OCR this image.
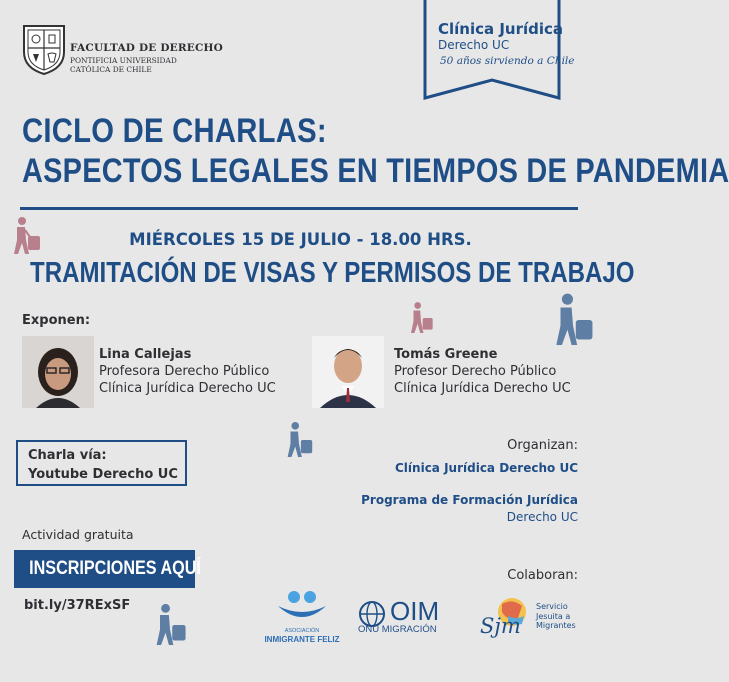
FACULTAD DE DERECHO
PONTIFICIA UNIVERSIDAD
CATÓLICA DE CHILE
Clínica Jurídica
Derecho UC
50 años sirviendo a Chile
CICLO DE CHARLAS:
ASPECTOS LEGALES EN TIEMPOS DE PANDEMIA
MIÉRCOLES 15 DE JULIO - 18.00 HRS.
TRAMITACIÓN DE VISAS Y PERMISOS DE TRABAJO
Exponen:
Lina Callejas
Profesora Derecho Público
Clínica Jurídica Derecho UC
Tomás Greene
Profesor Derecho Público
Clínica Jurídica Derecho UC
Charla vía:
Youtube Derecho UC
Organizan:
Clínica Jurídica Derecho UC
Programa de Formación Jurídica
Derecho UC
Actividad gratuita
INSCRIPCIONES AQUÍ
bit.ly/37RExSF
Colaboran:
ASOCIACIÓN
INMIGRANTE FELIZ
OIM
ONU MIGRACIÓN Sjm
Servicio
Jesuita a
Migrantes
